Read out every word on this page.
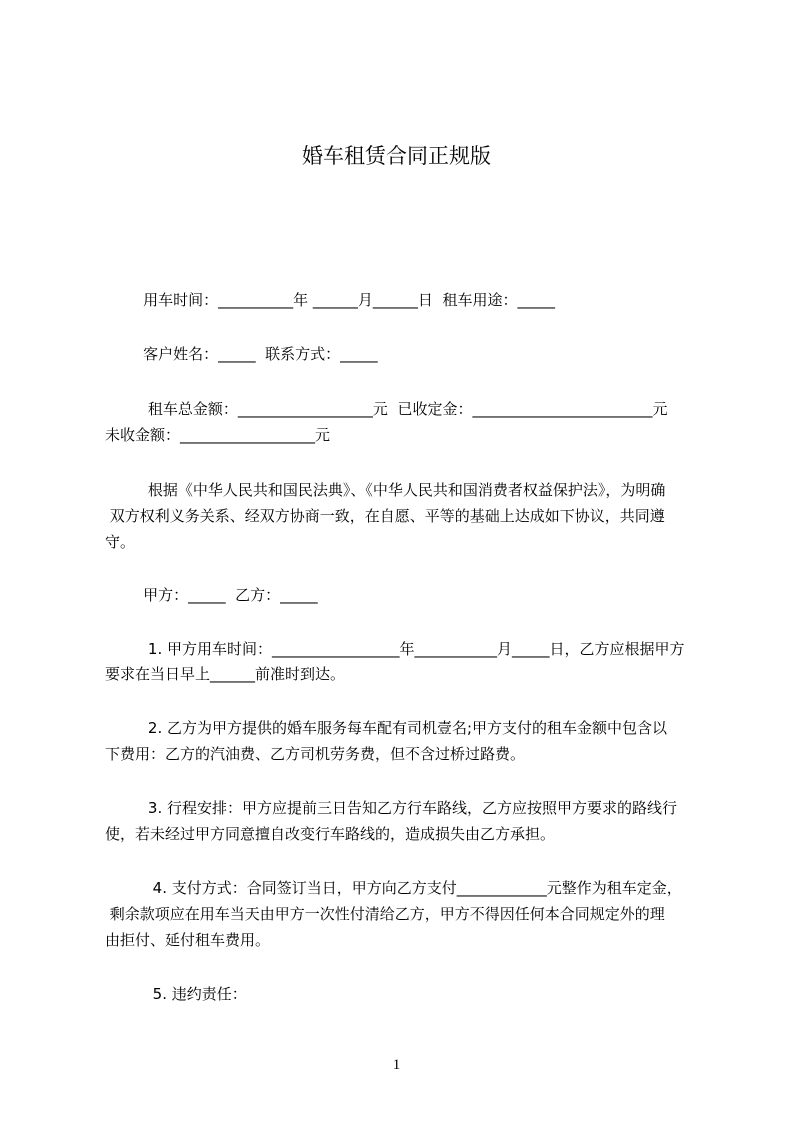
婚车租赁合同正规版
用车时间：__________年 ______月______日  租车用途：_____
客户姓名：_____  联系方式：_____
租车总金额：__________________元  已收定金：________________________元
未收金额：__________________元
根据《中华人民共和国民法典》、《中华人民共和国消费者权益保护法》，为明确
双方权利义务关系、经双方协商一致，在自愿、平等的基础上达成如下协议，共同遵
守。
甲方：_____  乙方：_____
1. 甲方用车时间：_________________年___________月_____日，乙方应根据甲方
要求在当日早上______前准时到达。
2. 乙方为甲方提供的婚车服务每车配有司机壹名;甲方支付的租车金额中包含以
下费用：乙方的汽油费、乙方司机劳务费，但不含过桥过路费。
3. 行程安排：甲方应提前三日告知乙方行车路线，乙方应按照甲方要求的路线行
使，若未经过甲方同意擅自改变行车路线的，造成损失由乙方承担。
4. 支付方式：合同签订当日，甲方向乙方支付____________元整作为租车定金，
剩余款项应在用车当天由甲方一次性付清给乙方，甲方不得因任何本合同规定外的理
由拒付、延付租车费用。
5. 违约责任：
1
